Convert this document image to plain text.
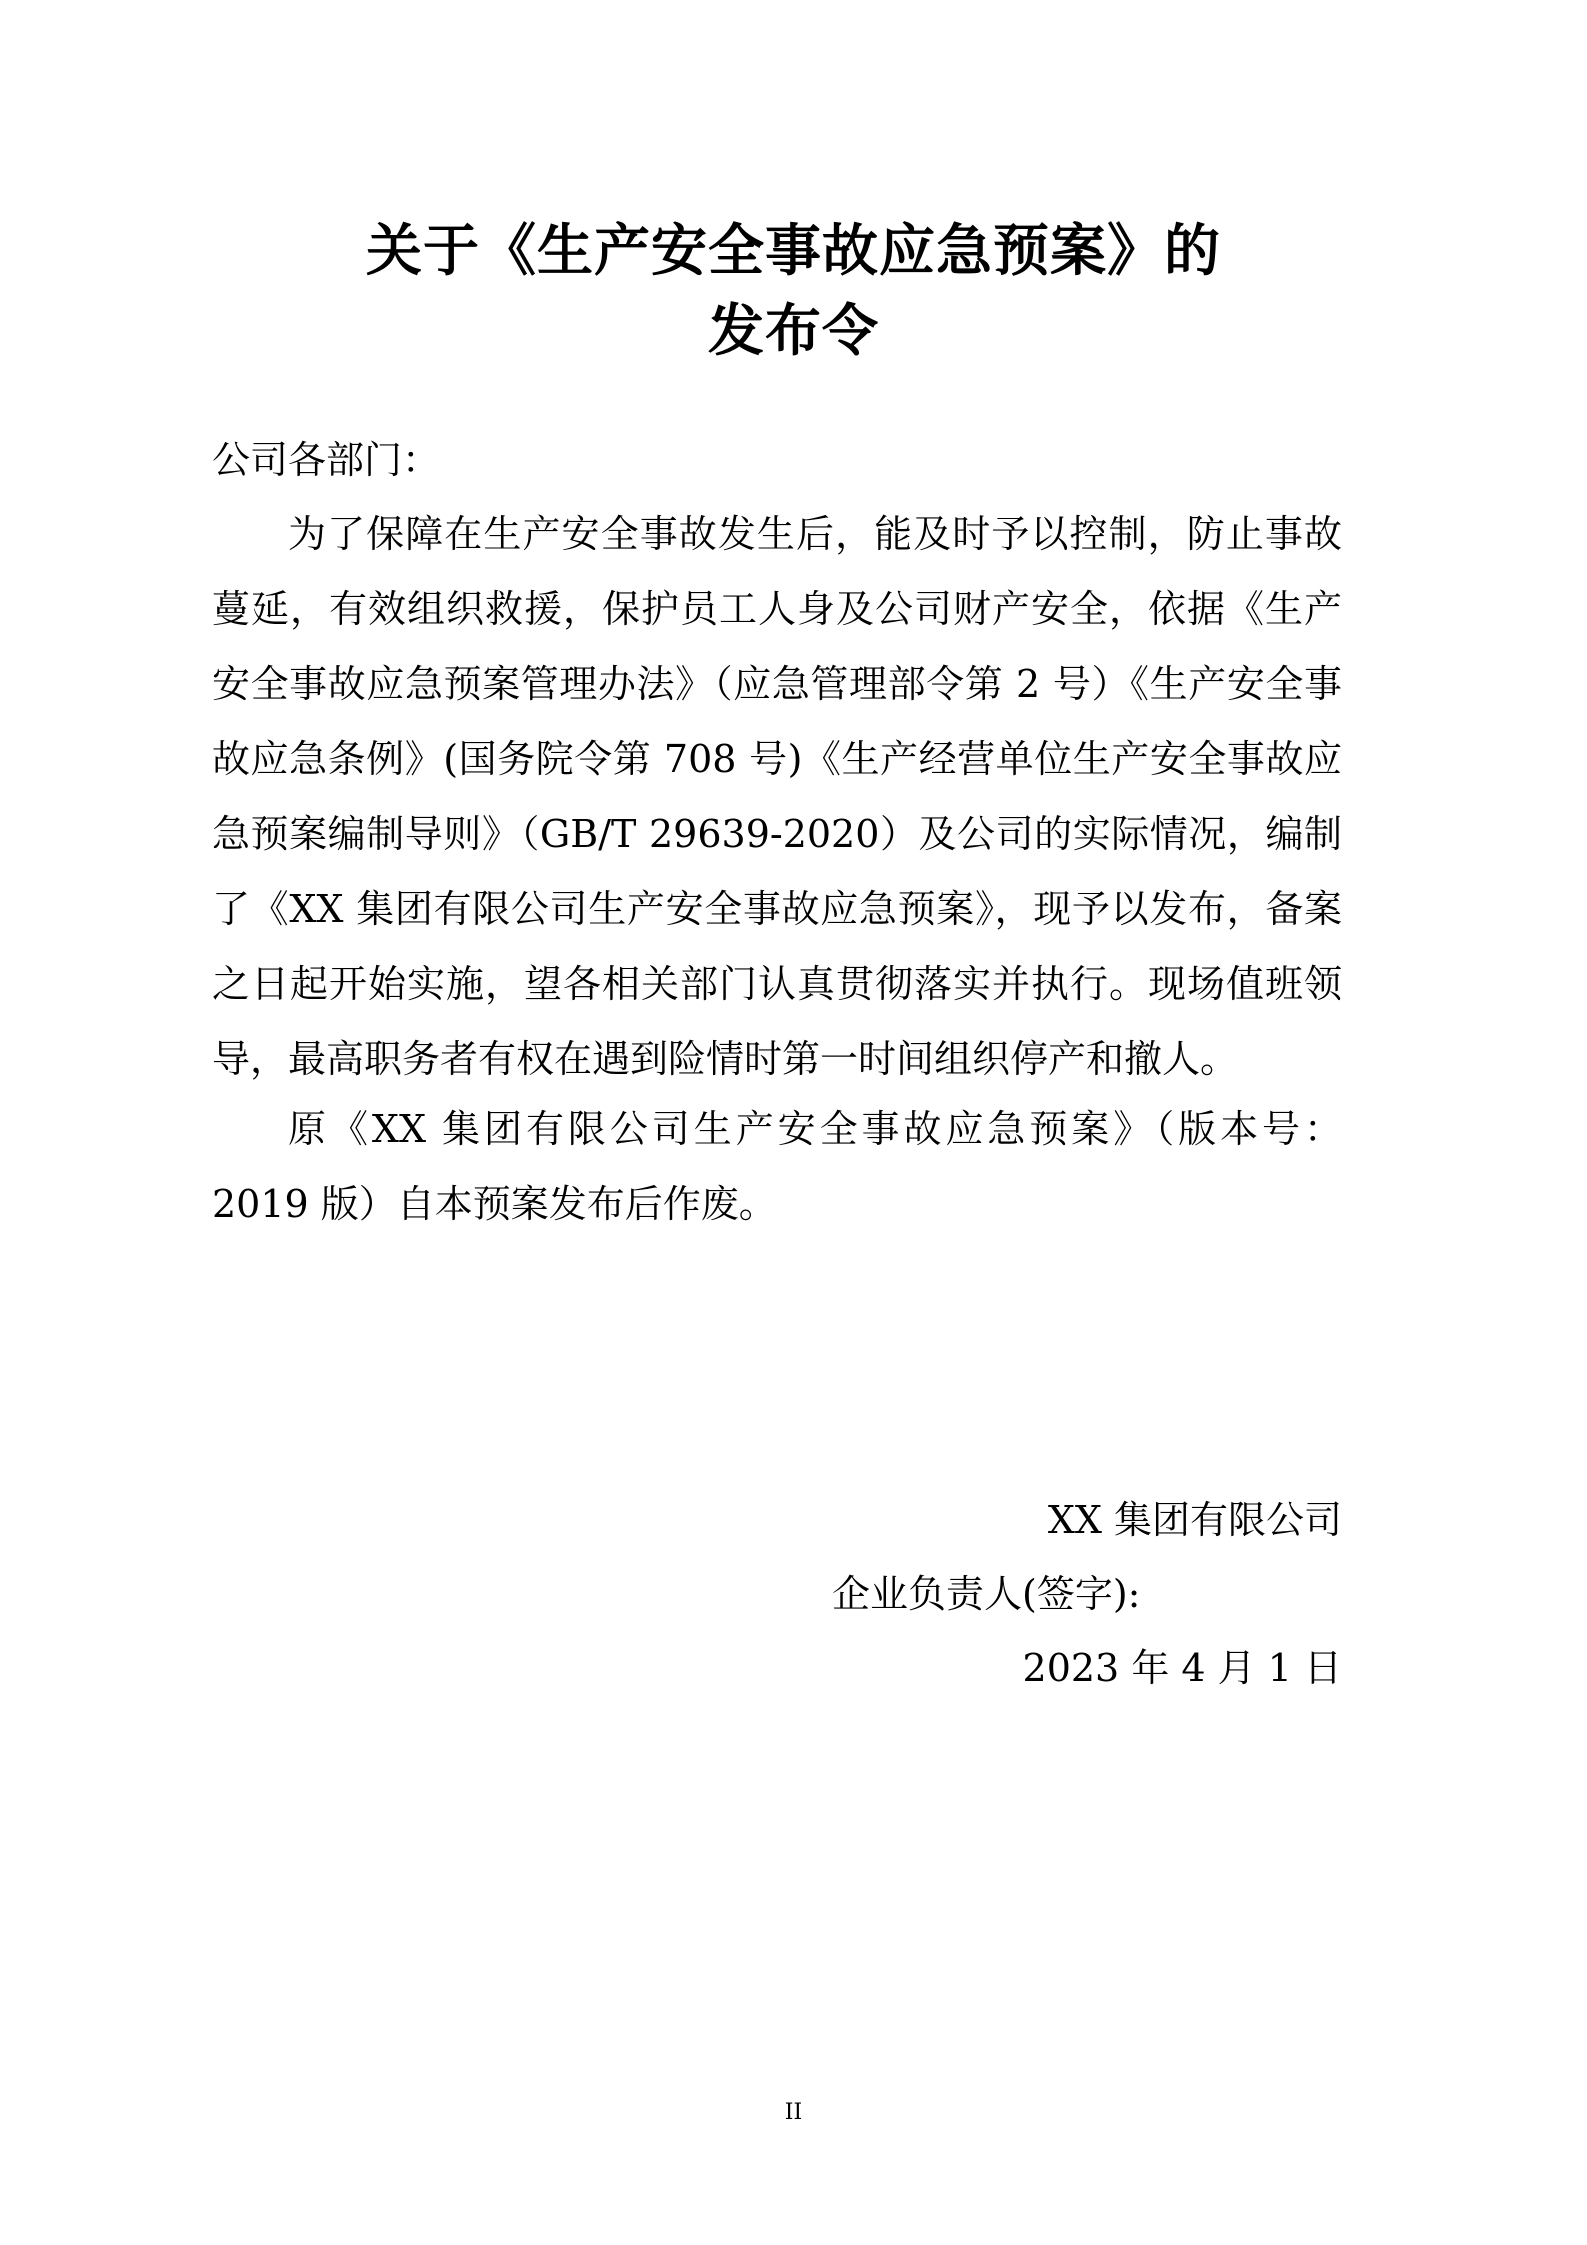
关于《生产安全事故应急预案》的
发布令
公司各部门：
为了保障在生产安全事故发生后，能及时予以控制，防止事故蔓延，有效组织救援，保护员工人身及公司财产安全，依据《生产安全事故应急预案管理办法》（应急管理部令第 2 号）《生产安全事故应急条例》(国务院令第 708 号)《生产经营单位生产安全事故应急预案编制导则》（GB/T 29639-2020）及公司的实际情况，编制了《XX 集团有限公司生产安全事故应急预案》，现予以发布，备案之日起开始实施，望各相关部门认真贯彻落实并执行。现场值班领导，最高职务者有权在遇到险情时第一时间组织停产和撤人。
原《XX 集团有限公司生产安全事故应急预案》（版本号：2019 版）自本预案发布后作废。
XX 集团有限公司
企业负责人(签字):
2023 年 4 月 1 日
II
